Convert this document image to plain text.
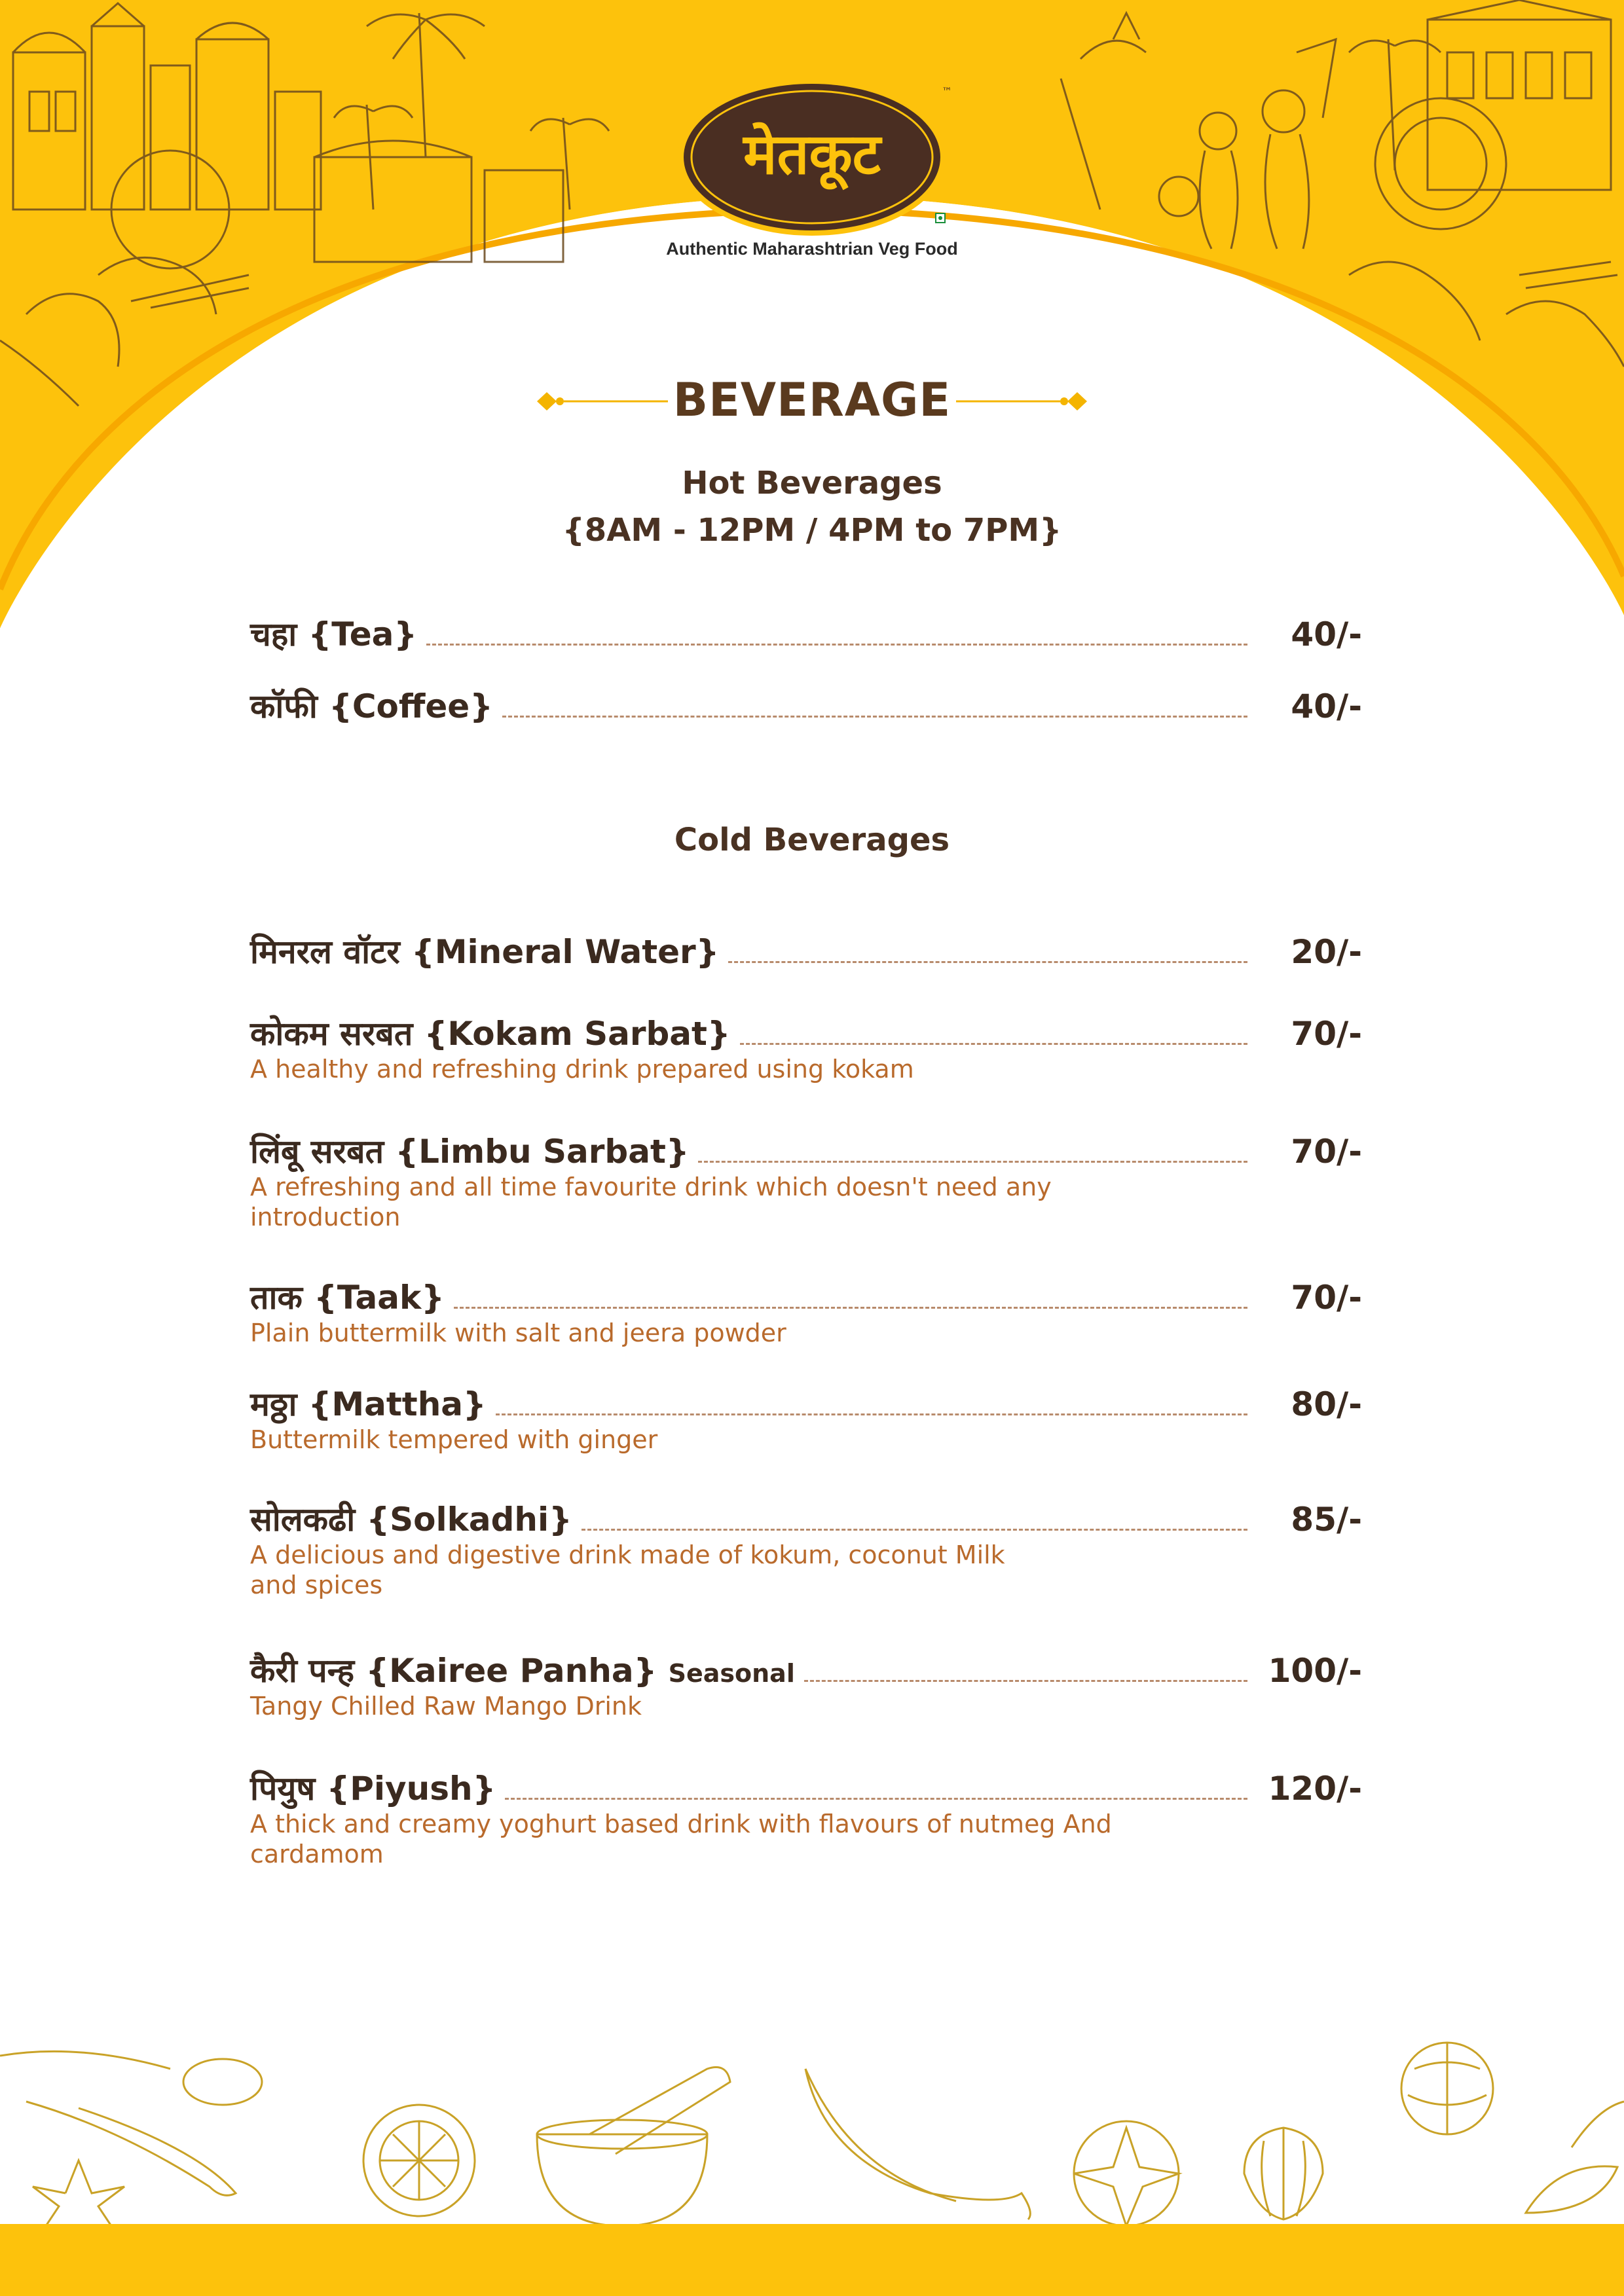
मेतकूट
™
Authentic Maharashtrian Veg Food
BEVERAGE
Hot Beverages
{8AM - 12PM / 4PM to 7PM}
चहा {Tea}	40/-
कॉफी {Coffee}	40/-
Cold Beverages
मिनरल वॉटर {Mineral Water}	20/-
कोकम सरबत {Kokam Sarbat}	70/-
A healthy and refreshing drink prepared using kokam
लिंबू सरबत {Limbu Sarbat}	70/-
A refreshing and all time favourite drink which doesn't need any introduction
ताक {Taak}	70/-
Plain buttermilk with salt and jeera powder
मठ्ठा {Mattha}	80/-
Buttermilk tempered with ginger
सोलकढी {Solkadhi}	85/-
A delicious and digestive drink made of kokum, coconut Milk and spices
कैरी पन्ह {Kairee Panha} Seasonal	100/-
Tangy Chilled Raw Mango Drink
पियुष {Piyush}	120/-
A thick and creamy yoghurt based drink with flavours of nutmeg And cardamom
